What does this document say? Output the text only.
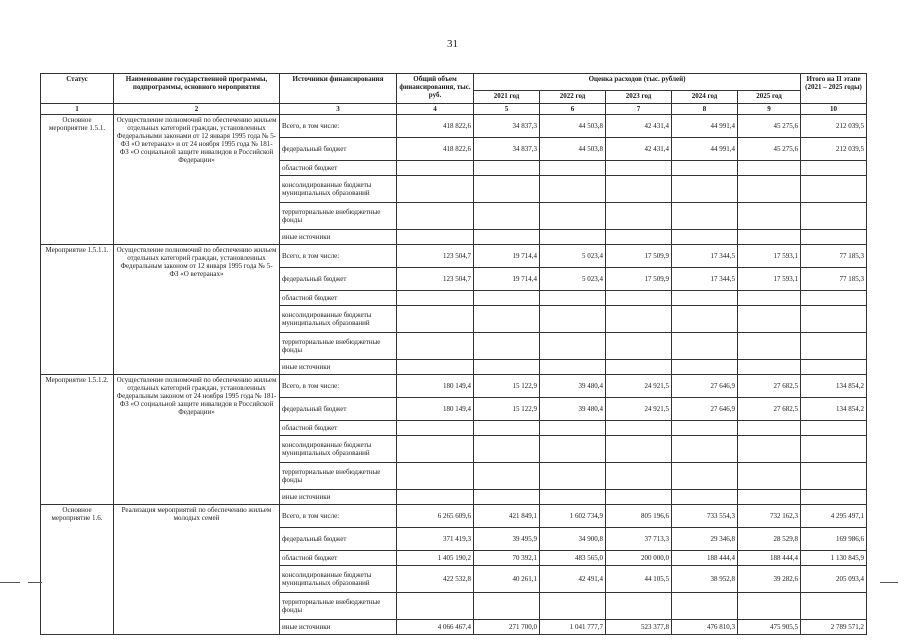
31
Статус	Наименование государственной программы, подпрограммы, основного мероприятия	Источники финансирования	Общий объем финансирования, тыс. руб.	Оценка расходов (тыс. рублей)					Итого на II этапе (2021 – 2025 годы)
				2021 год	2022 год	2023 год	2024 год	2025 год	
1	2	3	4	5	6	7	8	9	10
Основное мероприятие 1.5.1.	Осуществление полномочий по обеспечению жильем отдельных категорий граждан, установленных Федеральными законами от 12 января 1995 года № 5-ФЗ «О ветеранах» и от 24 ноября 1995 года № 181-ФЗ «О социальной защите инвалидов в Российской Федерации»	Всего, в том числе:	418 822,6	34 837,3	44 503,8	42 431,4	44 991,4	45 275,6	212 039,5
		федеральный бюджет	418 822,6	34 837,3	44 503,8	42 431,4	44 991,4	45 275,6	212 039,5
		областной бюджет							
		консолидированные бюджеты муниципальных образований							
		территориальные внебюджетные фонды							
		иные источники							
Мероприятие 1.5.1.1.	Осуществление полномочий по обеспечению жильем отдельных категорий граждан, установленных Федеральным законом от 12 января 1995 года № 5-ФЗ «О ветеранах»	Всего, в том числе:	123 504,7	19 714,4	5 023,4	17 509,9	17 344,5	17 593,1	77 185,3
		федеральный бюджет	123 504,7	19 714,4	5 023,4	17 509,9	17 344,5	17 593,1	77 185,3
		областной бюджет							
		консолидированные бюджеты муниципальных образований							
		территориальные внебюджетные фонды							
		иные источники							
Мероприятие 1.5.1.2.	Осуществление полномочий по обеспечению жильем отдельных категорий граждан, установленных Федеральным законом от 24 ноября 1995 года № 181-ФЗ «О социальной защите инвалидов в Российской Федерации»	Всего, в том числе:	180 149,4	15 122,9	39 480,4	24 921,5	27 646,9	27 682,5	134 854,2
		федеральный бюджет	180 149,4	15 122,9	39 480,4	24 921,5	27 646,9	27 682,5	134 854,2
		областной бюджет							
		консолидированные бюджеты муниципальных образований							
		территориальные внебюджетные фонды							
		иные источники							
Основное мероприятие 1.6.	Реализация мероприятий по обеспечению жильем молодых семей	Всего, в том числе:	6 265 609,6	421 849,1	1 602 734,9	805 196,6	733 554,3	732 162,3	4 295 497,1
		федеральный бюджет	371 419,3	39 495,9	34 900,8	37 713,3	29 346,8	28 529,8	169 986,6
		областной бюджет	1 405 190,2	70 392,1	483 565,0	200 000,0	188 444,4	188 444,4	1 130 845,9
		консолидированные бюджеты муниципальных образований	422 532,8	40 261,1	42 491,4	44 105,5	38 952,8	39 282,6	205 093,4
		территориальные внебюджетные фонды							
		иные источники	4 066 467,4	271 700,0	1 041 777,7	523 377,8	476 810,3	475 905,5	2 789 571,2
